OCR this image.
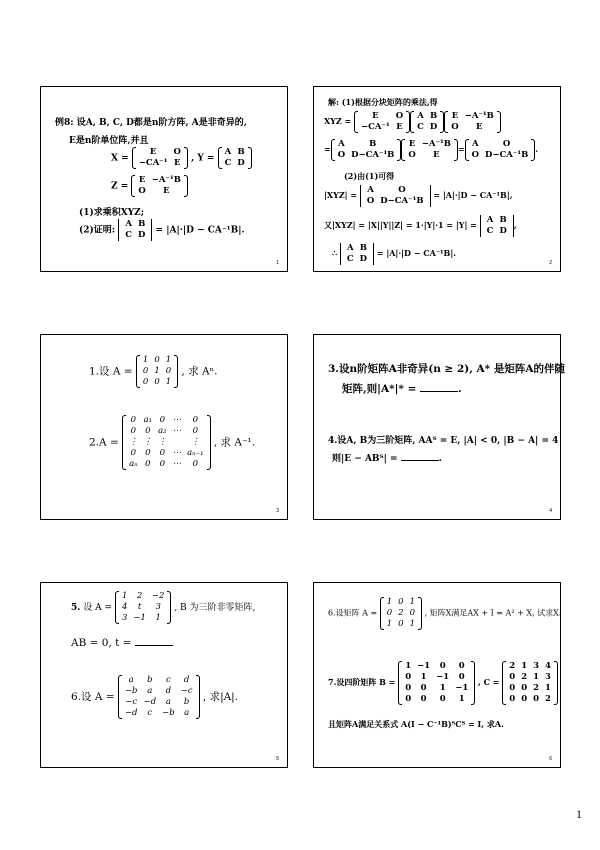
例8: 设A, B, C, D都是n阶方阵, A是非奇异的,
E是n阶单位阵,并且
X =
E	O
−CA⁻¹	E , Y =
A	B
C	D
Z =
E	−A⁻¹B
O	E
(1)求乘积XYZ;
(2)证明:
A	B
C	D = |A|·|D − CA⁻¹B|.
1
解: (1)根据分块矩阵的乘法,得
XYZ = E	O
−CA⁻¹	E
A	B
C	D
E	−A⁻¹B
O	E
= A	B
O	D−CA⁻¹B
E	−A⁻¹B
O	E
= A	O
O	D−CA⁻¹B
.
(2)由(1)可得
|XYZ| = A	O
O	D−CA⁻¹B
= |A|·|D − CA⁻¹B|,
又|XYZ| = |X||Y||Z| = 1·|Y|·1 = |Y| = A	B
C	D
,
∴ A	B
C	D
= |A|·|D − CA⁻¹B|.
2
1.设 A =
1	0	1
0	1	0
0	0	1
, 求 Aⁿ.
2.A =
0	a₁	0	⋯	0
0	0	a₂	⋯	0
⋮	⋮	⋮		⋮
0	0	0	⋯	aₙ₋₁
aₙ	0	0	⋯	0
, 求 A⁻¹.
3
3.设n阶矩阵A非奇异(n ≥ 2), A* 是矩阵A的伴随
矩阵,则|A*|* =	.
4.设A, B为三阶矩阵, AAᵀ = E, |A| < 0, |B − A| = 4
则|E − ABᵀ| =	.
4
5. 设 A =
1	2	−2
4	t	3
3	−1	1
, B 为三阶非零矩阵,
AB = 0, t =
6.设 A =
a	b	c	d
−b	a	d	−c
−c	−d	a	b
−d	c	−b	a
, 求|A|.
5
6.设矩阵 A =
1	0	1
0	2	0
1	0	1
, 矩阵X满足AX + I = A² + X, 试求X.
7.设四阶矩阵 B =
1	−1	0	0
0	1	−1	0
0	0	1	−1
0	0	0	1
, C =
2	1	3	4
0	2	1	3
0	0	2	1
0	0	0	2
且矩阵A满足关系式 A(I − C⁻¹B)ᵀCᵀ = I, 求A.
6
1
